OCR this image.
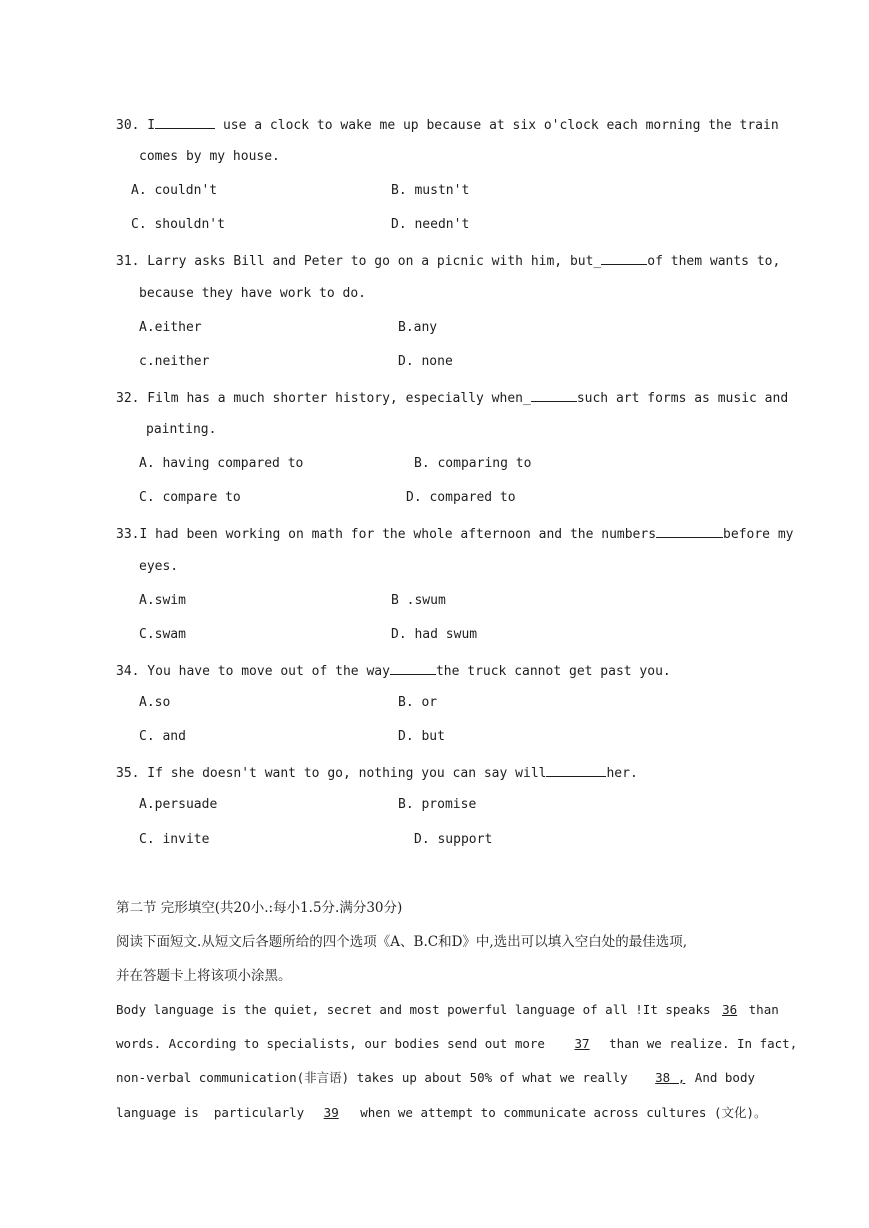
30. I	use a clock to wake me up because at six o'clock each morning the train
comes by my house.
A. couldn't	B. mustn't
C. shouldn't	D. needn't
31. Larry asks Bill and Peter to go on a picnic with him, but_	of them wants to,
because they have work to do.
A.either	B.any
c.neither	D. none
32. Film has a much shorter history, especially when_	such art forms as music and
painting.
A. having compared to	B. comparing to
C. compare to	D. compared to
33.I had been working on math for the whole afternoon and the numbers	before my
eyes.
A.swim	B .swum
C.swam	D. had swum
34. You have to move out of the way	the truck cannot get past you.
A.so	B. or
C. and	D. but
35. If she doesn't want to go, nothing you can say will	her.
A.persuade	B. promise
C. invite	D. support
第二节 完形填空(共20小.:每小1.5分.满分30分)
阅读下面短文.从短文后各题所给的四个选项《A、B.C和D》中,选出可以填入空白处的最佳选项,
并在答题卡上将该项小涂黑。
Body language is the quiet, secret and most powerful language of all !It speaks 36 than
words. According to specialists, our bodies send out more 37 than we realize. In fact,
non-verbal communication(非言语) takes up about 50% of what we really 38 , And body
language is  particularly 39 when we attempt to communicate across cultures (文化)。
